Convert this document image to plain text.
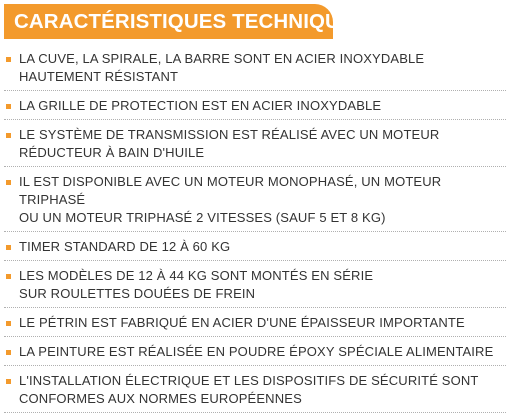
CARACTÉRISTIQUES TECHNIQUES
LA CUVE, LA SPIRALE, LA BARRE SONT EN ACIER INOXYDABLE
HAUTEMENT RÉSISTANT
LA GRILLE DE PROTECTION EST EN ACIER INOXYDABLE
LE SYSTÈME DE TRANSMISSION EST RÉALISÉ AVEC UN MOTEUR
RÉDUCTEUR À BAIN D'HUILE
IL EST DISPONIBLE AVEC UN MOTEUR MONOPHASÉ, UN MOTEUR TRIPHASÉ
OU UN MOTEUR TRIPHASÉ 2 VITESSES (SAUF 5 ET 8 KG)
TIMER STANDARD DE 12 À 60 KG
LES MODÈLES DE 12 À 44 KG SONT MONTÉS EN SÉRIE
SUR ROULETTES DOUÉES DE FREIN
LE PÉTRIN EST FABRIQUÉ EN ACIER D'UNE ÉPAISSEUR IMPORTANTE
LA PEINTURE EST RÉALISÉE EN POUDRE ÉPOXY SPÉCIALE ALIMENTAIRE
L'INSTALLATION ÉLECTRIQUE ET LES DISPOSITIFS DE SÉCURITÉ SONT
CONFORMES AUX NORMES EUROPÉENNES
